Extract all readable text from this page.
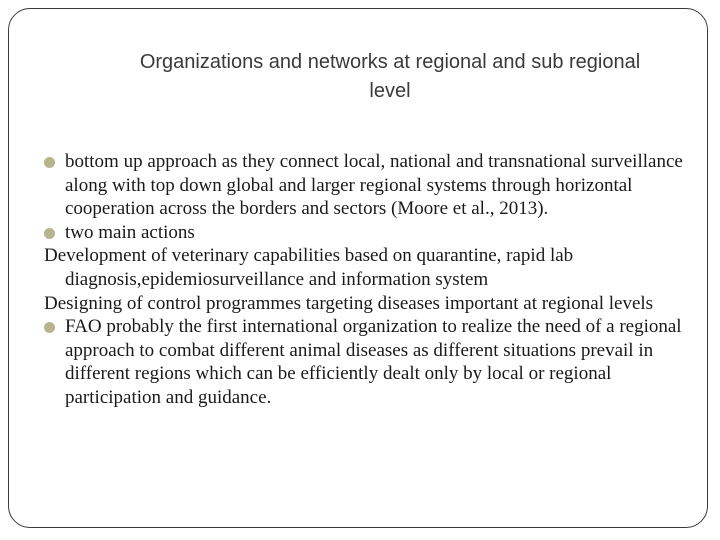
Organizations and networks at regional and sub regional
level

bottom up approach as they connect local, national and transnational surveillance along with top down global and larger regional systems through horizontal cooperation across the borders and sectors (Moore et al., 2013).

two main actions

Development of veterinary capabilities based on quarantine, rapid lab diagnosis,epidemiosurveillance and information system

Designing of control programmes targeting diseases important at regional levels

FAO probably the first international organization to realize the need of a regional approach to combat different animal diseases as different situations prevail in different regions which can be efficiently dealt only by local or regional participation and guidance.
